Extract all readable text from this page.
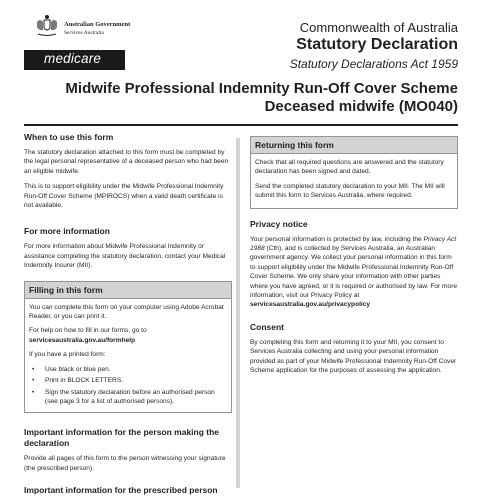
Australian Government
Services Australia
medicare
Commonwealth of Australia
Statutory Declaration
Statutory Declarations Act 1959
Midwife Professional Indemnity Run-Off Cover Scheme
Deceased midwife (MO040)
When to use this form

The statutory declaration attached to this form must be completed by the legal personal representative of a deceased person who had been an eligible midwife.

This is to support eligibility under the Midwife Professional Indemnity Run-Off Cover Scheme (MPIROCS) when a valid death certificate is not available.

For more information

For more information about Midwife Professional Indemnity or assistance completing the statutory declaration, contact your Medical Indemnity Insurer (MII).

Filling in this form

You can complete this form on your computer using Adobe Acrobat Reader, or you can print it.

For help on how to fill in our forms, go to
servicesaustralia.gov.au/formhelp

If you have a printed form:

• Use black or blue pen.
• Print in BLOCK LETTERS.
• Sign the statutory declaration before an authorised person (see page 3 for a list of authorised persons).
Important information for the person making the declaration

Provide all pages of this form to the person witnessing your signature (the prescribed person).

Important information for the prescribed person
Returning this form

Check that all required questions are answered and the statutory declaration has been signed and dated.

Send the completed statutory declaration to your MII. The MII will submit this form to Services Australia, where required.

Privacy notice

Your personal information is protected by law, including the Privacy Act 1988 (Cth), and is collected by Services Australia, an Australian government agency. We collect your personal information in this form to support eligibility under the Midwife Professional Indemnity Run-Off Cover Scheme. We only share your information with other parties where you have agreed, or it is required or authorised by law. For more information, visit our Privacy Policy at servicesaustralia.gov.au/privacypolicy

Consent

By completing this form and returning it to your MII, you consent to Services Australia collecting and using your personal information provided as part of your Midwife Professional Indemnity Run-Off Cover Scheme application for the purposes of assessing the application.
